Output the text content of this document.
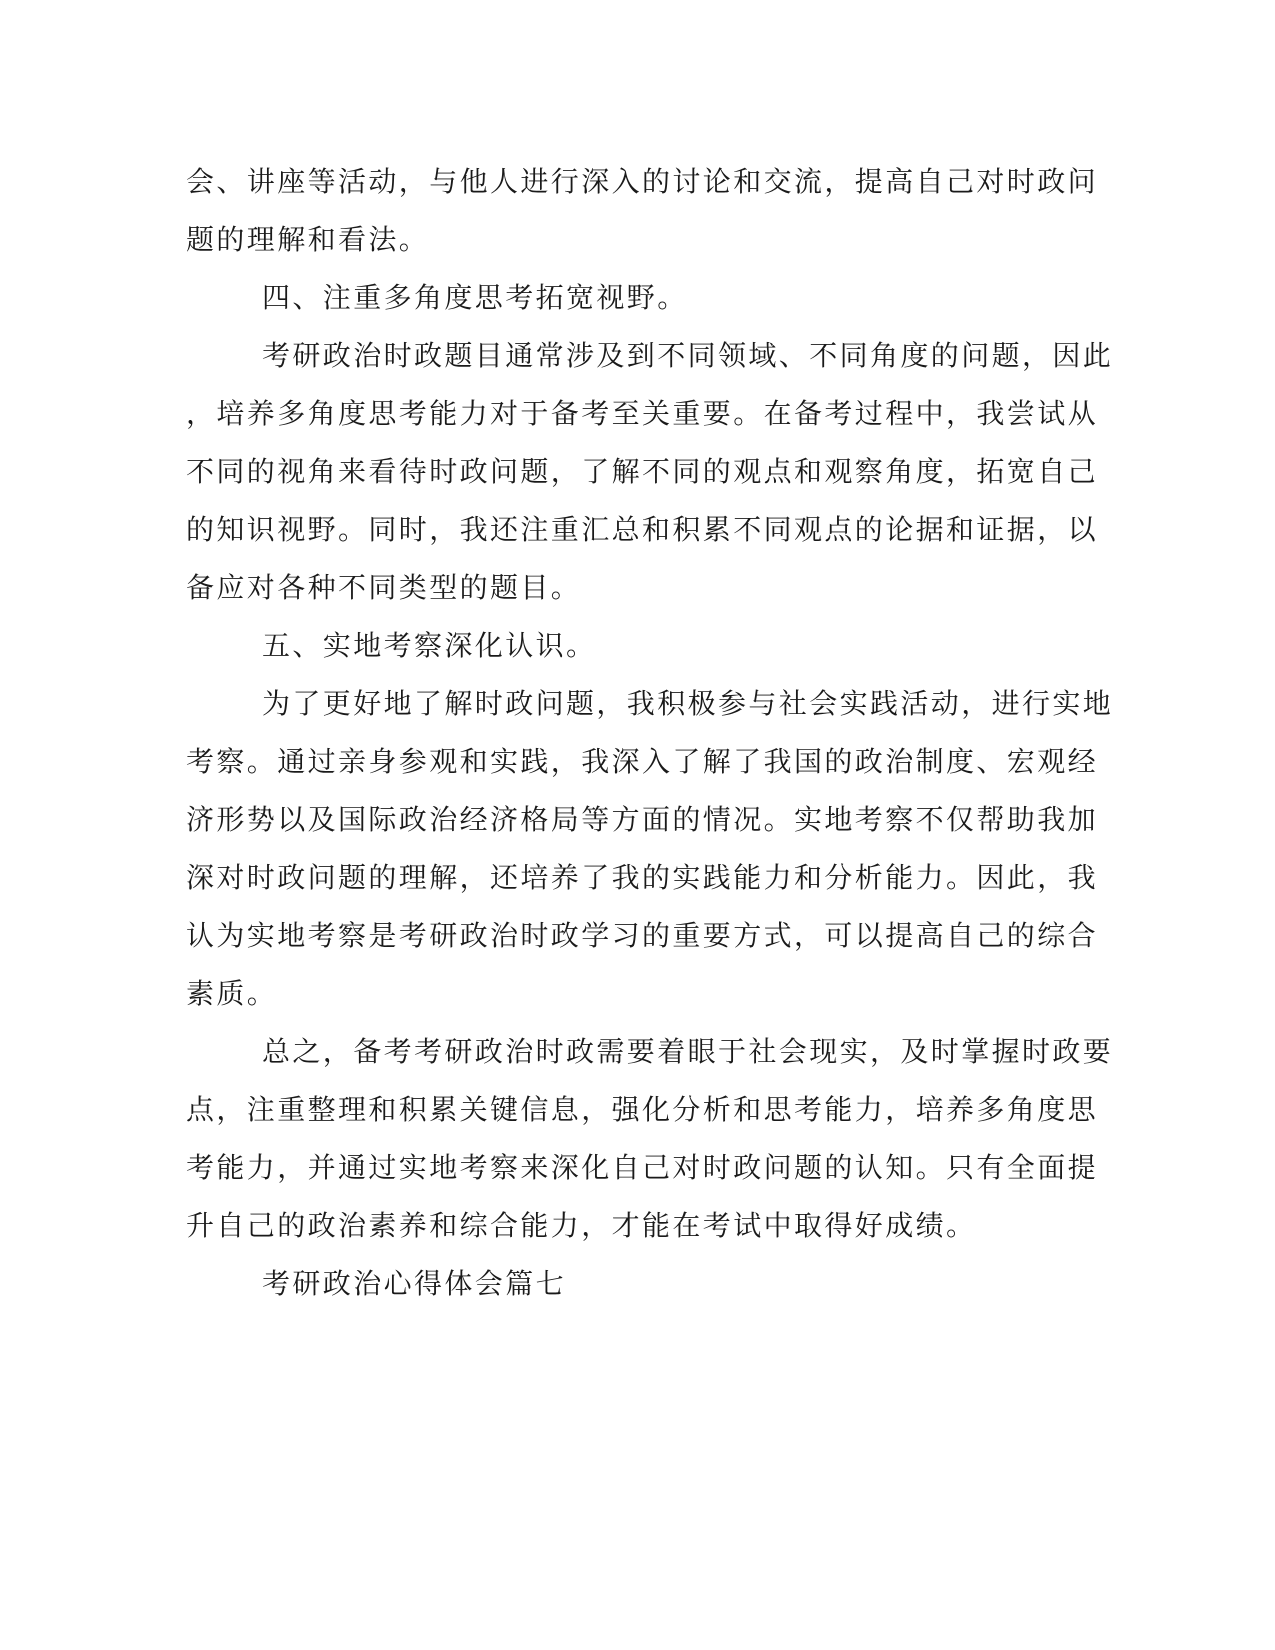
会、讲座等活动，与他人进行深入的讨论和交流，提高自己对时政问
题的理解和看法。
四、注重多角度思考拓宽视野。
考研政治时政题目通常涉及到不同领域、不同角度的问题，因此
，培养多角度思考能力对于备考至关重要。在备考过程中，我尝试从
不同的视角来看待时政问题，了解不同的观点和观察角度，拓宽自己
的知识视野。同时，我还注重汇总和积累不同观点的论据和证据，以
备应对各种不同类型的题目。
五、实地考察深化认识。
为了更好地了解时政问题，我积极参与社会实践活动，进行实地
考察。通过亲身参观和实践，我深入了解了我国的政治制度、宏观经
济形势以及国际政治经济格局等方面的情况。实地考察不仅帮助我加
深对时政问题的理解，还培养了我的实践能力和分析能力。因此，我
认为实地考察是考研政治时政学习的重要方式，可以提高自己的综合
素质。
总之，备考考研政治时政需要着眼于社会现实，及时掌握时政要
点，注重整理和积累关键信息，强化分析和思考能力，培养多角度思
考能力，并通过实地考察来深化自己对时政问题的认知。只有全面提
升自己的政治素养和综合能力，才能在考试中取得好成绩。
考研政治心得体会篇七
